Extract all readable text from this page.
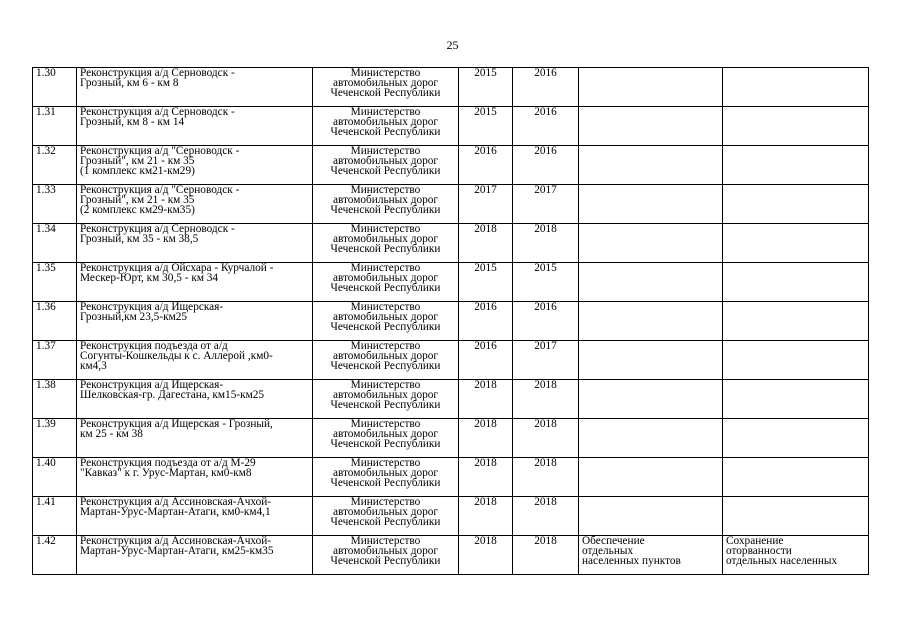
25
1.30	Реконструкция а/д Серноводск -
Грозный, км 6 - км 8	Министерство
автомобильных дорог
Чеченской Республики	2015	2016		
1.31	Реконструкция а/д Серноводск -
Грозный, км 8 - км 14	Министерство
автомобильных дорог
Чеченской Республики	2015	2016		
1.32	Реконструкция а/д "Серноводск -
Грозный", км 21 - км 35
(1 комплекс км21-км29)	Министерство
автомобильных дорог
Чеченской Республики	2016	2016		
1.33	Реконструкция а/д "Серноводск -
Грозный", км 21 - км 35
(2 комплекс км29-км35)	Министерство
автомобильных дорог
Чеченской Республики	2017	2017		
1.34	Реконструкция а/д Серноводск -
Грозный, км 35 - км 38,5	Министерство
автомобильных дорог
Чеченской Республики	2018	2018		
1.35	Реконструкция а/д Ойсхара - Курчалой -
Мескер-Юрт, км 30,5 - км 34	Министерство
автомобильных дорог
Чеченской Республики	2015	2015		
1.36	Реконструкция а/д Ищерская-
Грозный,км 23,5-км25	Министерство
автомобильных дорог
Чеченской Республики	2016	2016		
1.37	Реконструкция подъезда от а/д
Согунты-Кошкельды к с. Аллерой ,км0-
км4,3	Министерство
автомобильных дорог
Чеченской Республики	2016	2017		
1.38	Реконструкция а/д Ищерская-
Шелковская-гр. Дагестана, км15-км25	Министерство
автомобильных дорог
Чеченской Республики	2018	2018		
1.39	Реконструкция а/д Ищерская - Грозный,
км 25 - км 38	Министерство
автомобильных дорог
Чеченской Республики	2018	2018		
1.40	Реконструкция подъезда от а/д М-29
"Кавказ" к г. Урус-Мартан, км0-км8	Министерство
автомобильных дорог
Чеченской Республики	2018	2018		
1.41	Реконструкция а/д Ассиновская-Ачхой-
Мартан-Урус-Мартан-Атаги, км0-км4,1	Министерство
автомобильных дорог
Чеченской Республики	2018	2018		
1.42	Реконструкция а/д Ассиновская-Ачхой-
Мартан-Урус-Мартан-Атаги, км25-км35	Министерство
автомобильных дорог
Чеченской Республики	2018	2018	Обеспечение
отдельных
населенных пунктов	Сохранение
оторванности
отдельных населенных
